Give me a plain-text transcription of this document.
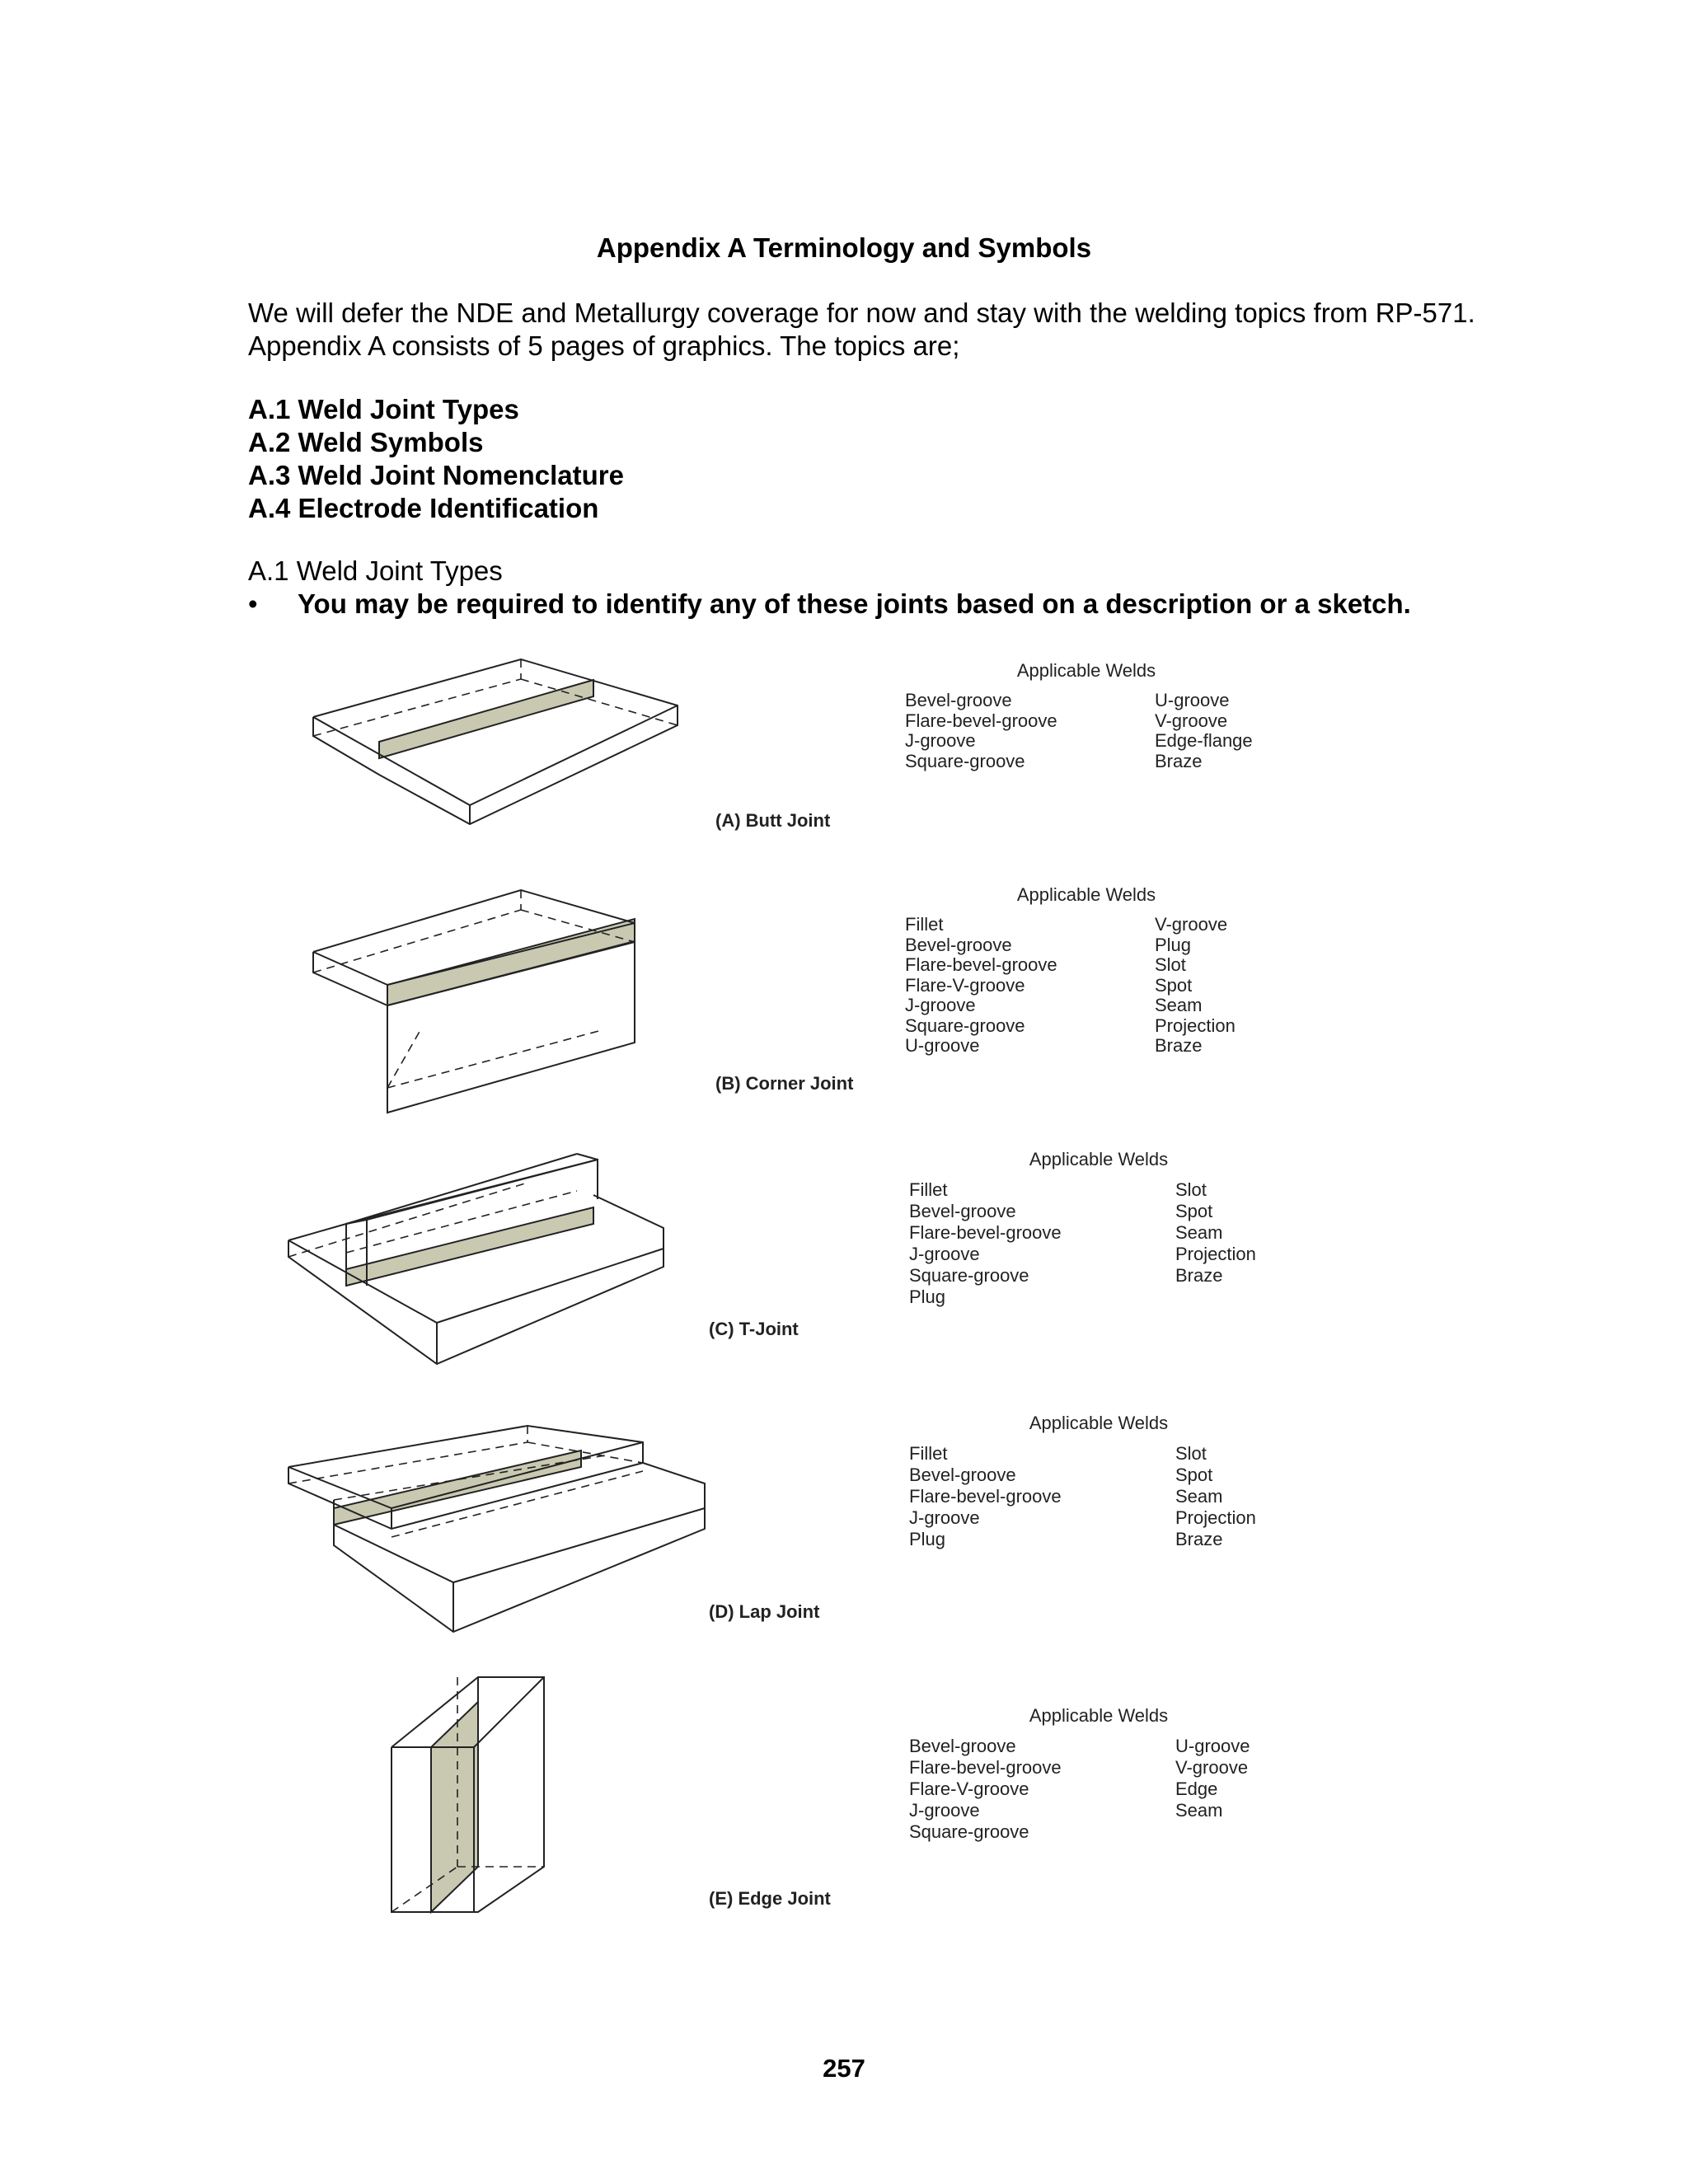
Appendix A Terminology and Symbols
We will defer the NDE and Metallurgy coverage for now and stay with the welding topics from RP-571.
Appendix A consists of 5 pages of graphics. The topics are;
A.1 Weld Joint Types
A.2 Weld Symbols
A.3 Weld Joint Nomenclature
A.4 Electrode Identification
A.1 Weld Joint Types
•	You may be required to identify any of these joints based on a description or a sketch.
(A) Butt Joint
Applicable Welds
Bevel-groove
Flare-bevel-groove
J-groove
Square-groove
U-groove
V-groove
Edge-flange
Braze
(B) Corner Joint
Applicable Welds
Fillet
Bevel-groove
Flare-bevel-groove
Flare-V-groove
J-groove
Square-groove
U-groove
V-groove
Plug
Slot
Spot
Seam
Projection
Braze
(C) T-Joint
Applicable Welds
Fillet
Bevel-groove
Flare-bevel-groove
J-groove
Square-groove
Plug
Slot
Spot
Seam
Projection
Braze
(D) Lap Joint
Applicable Welds
Fillet
Bevel-groove
Flare-bevel-groove
J-groove
Plug
Slot
Spot
Seam
Projection
Braze
(E) Edge Joint
Applicable Welds
Bevel-groove
Flare-bevel-groove
Flare-V-groove
J-groove
Square-groove
U-groove
V-groove
Edge
Seam
257
